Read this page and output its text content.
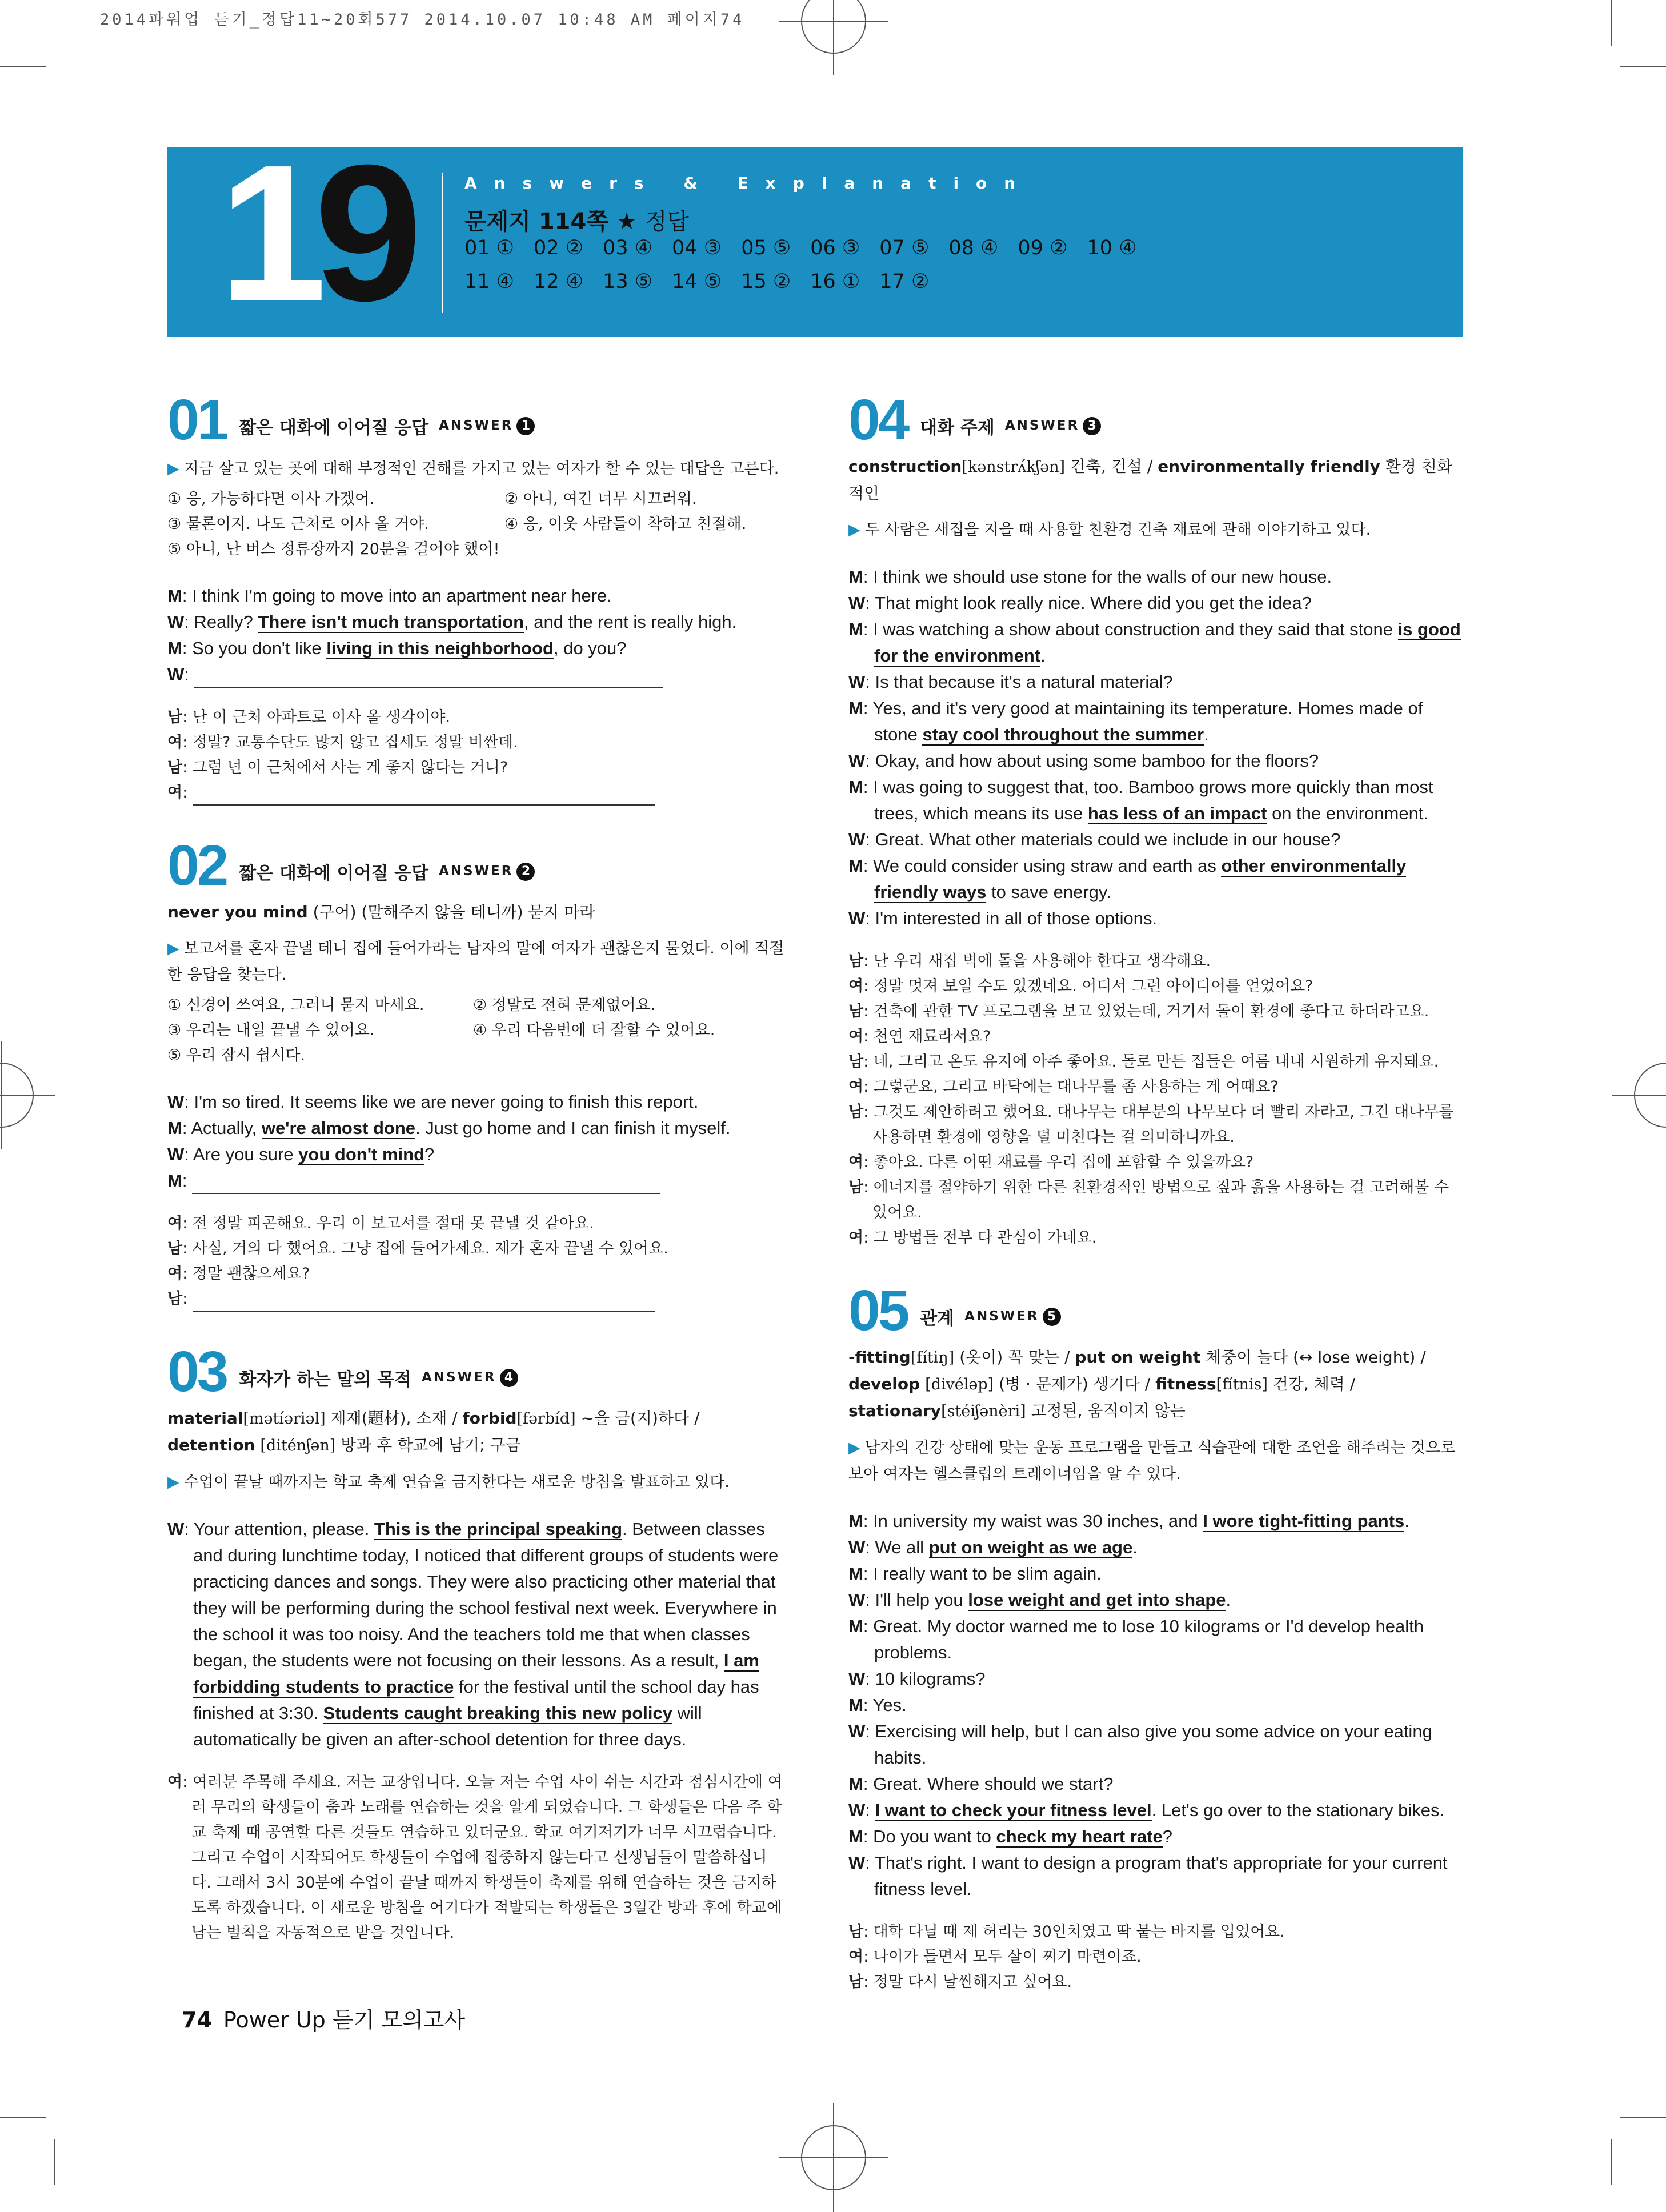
2014파워업 듣기_정답11~20회577 2014.10.07 10:48 AM 페이지74
19	Answers & Explanation
문제지 114쪽 ★ 정답
01 ① 02 ② 03 ④ 04 ③ 05 ⑤ 06 ③ 07 ⑤ 08 ④ 09 ② 10 ④
11 ④ 12 ④ 13 ⑤ 14 ⑤ 15 ② 16 ① 17 ②
01 짧은 대화에 이어질 응답 ANSWER 1
▶ 지금 살고 있는 곳에 대해 부정적인 견해를 가지고 있는 여자가 할 수 있는 대답을 고른다.
① 응, 가능하다면 이사 가겠어.	② 아니, 여긴 너무 시끄러워.
③ 물론이지. 나도 근처로 이사 올 거야.	④ 응, 이웃 사람들이 착하고 친절해.
⑤ 아니, 난 버스 정류장까지 20분을 걸어야 했어!
M: I think I'm going to move into an apartment near here.
W: Really? There isn't much transportation, and the rent is really high.
M: So you don't like living in this neighborhood, do you?
W:
남: 난 이 근처 아파트로 이사 올 생각이야.
여: 정말? 교통수단도 많지 않고 집세도 정말 비싼데.
남: 그럼 넌 이 근처에서 사는 게 좋지 않다는 거니?
여:
02 짧은 대화에 이어질 응답 ANSWER 2
never you mind (구어) (말해주지 않을 테니까) 묻지 마라
▶ 보고서를 혼자 끝낼 테니 집에 들어가라는 남자의 말에 여자가 괜찮은지 물었다. 이에 적절한 응답을 찾는다.
① 신경이 쓰여요, 그러니 묻지 마세요.	② 정말로 전혀 문제없어요.
③ 우리는 내일 끝낼 수 있어요.	④ 우리 다음번에 더 잘할 수 있어요.
⑤ 우리 잠시 쉽시다.
W: I'm so tired. It seems like we are never going to finish this report.
M: Actually, we're almost done. Just go home and I can finish it myself.
W: Are you sure you don't mind?
M:
여: 전 정말 피곤해요. 우리 이 보고서를 절대 못 끝낼 것 같아요.
남: 사실, 거의 다 했어요. 그냥 집에 들어가세요. 제가 혼자 끝낼 수 있어요.
여: 정말 괜찮으세요?
남:
03 화자가 하는 말의 목적 ANSWER 4
material[mətíəriəl] 제재(題材), 소재 / forbid[fərbíd] ~을 금(지)하다 / detention [diténʃən] 방과 후 학교에 남기; 구금
▶ 수업이 끝날 때까지는 학교 축제 연습을 금지한다는 새로운 방침을 발표하고 있다.
W: Your attention, please. This is the principal speaking. Between classes and during lunchtime today, I noticed that different groups of students were practicing dances and songs. They were also practicing other material that they will be performing during the school festival next week. Everywhere in the school it was too noisy. And the teachers told me that when classes began, the students were not focusing on their lessons. As a result, I am forbidding students to practice for the festival until the school day has finished at 3:30. Students caught breaking this new policy will automatically be given an after-school detention for three days.
여: 여러분 주목해 주세요. 저는 교장입니다. 오늘 저는 수업 사이 쉬는 시간과 점심시간에 여러 무리의 학생들이 춤과 노래를 연습하는 것을 알게 되었습니다. 그 학생들은 다음 주 학교 축제 때 공연할 다른 것들도 연습하고 있더군요. 학교 여기저기가 너무 시끄럽습니다. 그리고 수업이 시작되어도 학생들이 수업에 집중하지 않는다고 선생님들이 말씀하십니다. 그래서 3시 30분에 수업이 끝날 때까지 학생들이 축제를 위해 연습하는 것을 금지하도록 하겠습니다. 이 새로운 방침을 어기다가 적발되는 학생들은 3일간 방과 후에 학교에 남는 벌칙을 자동적으로 받을 것입니다.
04 대화 주제 ANSWER 3
construction[kənstrʌ́kʃən] 건축, 건설 / environmentally friendly 환경 친화적인
▶ 두 사람은 새집을 지을 때 사용할 친환경 건축 재료에 관해 이야기하고 있다.
M: I think we should use stone for the walls of our new house.
W: That might look really nice. Where did you get the idea?
M: I was watching a show about construction and they said that stone is good for the environment.
W: Is that because it's a natural material?
M: Yes, and it's very good at maintaining its temperature. Homes made of stone stay cool throughout the summer.
W: Okay, and how about using some bamboo for the floors?
M: I was going to suggest that, too. Bamboo grows more quickly than most trees, which means its use has less of an impact on the environment.
W: Great. What other materials could we include in our house?
M: We could consider using straw and earth as other environmentally friendly ways to save energy.
W: I'm interested in all of those options.
남: 난 우리 새집 벽에 돌을 사용해야 한다고 생각해요.
여: 정말 멋져 보일 수도 있겠네요. 어디서 그런 아이디어를 얻었어요?
남: 건축에 관한 TV 프로그램을 보고 있었는데, 거기서 돌이 환경에 좋다고 하더라고요.
여: 천연 재료라서요?
남: 네, 그리고 온도 유지에 아주 좋아요. 돌로 만든 집들은 여름 내내 시원하게 유지돼요.
여: 그렇군요, 그리고 바닥에는 대나무를 좀 사용하는 게 어때요?
남: 그것도 제안하려고 했어요. 대나무는 대부분의 나무보다 더 빨리 자라고, 그건 대나무를 사용하면 환경에 영향을 덜 미친다는 걸 의미하니까요.
여: 좋아요. 다른 어떤 재료를 우리 집에 포함할 수 있을까요?
남: 에너지를 절약하기 위한 다른 친환경적인 방법으로 짚과 흙을 사용하는 걸 고려해볼 수 있어요.
여: 그 방법들 전부 다 관심이 가네요.
05 관계 ANSWER 5
-fitting[fítiŋ] (옷이) 꼭 맞는 / put on weight 체중이 늘다 (↔ lose weight) / develop [divéləp] (병 · 문제가) 생기다 / fitness[fítnis] 건강, 체력 / stationary[stéiʃənèri] 고정된, 움직이지 않는
▶ 남자의 건강 상태에 맞는 운동 프로그램을 만들고 식습관에 대한 조언을 해주려는 것으로 보아 여자는 헬스클럽의 트레이너임을 알 수 있다.
M: In university my waist was 30 inches, and I wore tight-fitting pants.
W: We all put on weight as we age.
M: I really want to be slim again.
W: I'll help you lose weight and get into shape.
M: Great. My doctor warned me to lose 10 kilograms or I'd develop health problems.
W: 10 kilograms?
M: Yes.
W: Exercising will help, but I can also give you some advice on your eating habits.
M: Great. Where should we start?
W: I want to check your fitness level. Let's go over to the stationary bikes.
M: Do you want to check my heart rate?
W: That's right. I want to design a program that's appropriate for your current fitness level.
남: 대학 다닐 때 제 허리는 30인치였고 딱 붙는 바지를 입었어요.
여: 나이가 들면서 모두 살이 찌기 마련이죠.
남: 정말 다시 날씬해지고 싶어요.
74 Power Up 듣기 모의고사
